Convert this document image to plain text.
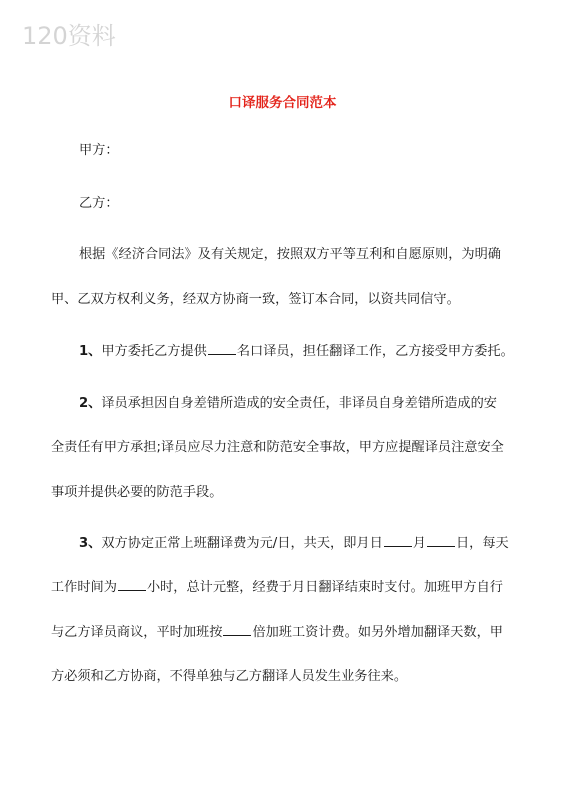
120资料
口译服务合同范本
甲方：
乙方：
根据《经济合同法》及有关规定，按照双方平等互利和自愿原则，为明确
甲、乙双方权利义务，经双方协商一致，签订本合同，以资共同信守。
1、甲方委托乙方提供 名口译员，担任翻译工作，乙方接受甲方委托。
2、译员承担因自身差错所造成的安全责任，非译员自身差错所造成的安
全责任有甲方承担;译员应尽力注意和防范安全事故，甲方应提醒译员注意安全
事项并提供必要的防范手段。
3、双方协定正常上班翻译费为元/日，共天，即月日 月 日，每天
工作时间为 小时，总计元整，经费于月日翻译结束时支付。加班甲方自行
与乙方译员商议，平时加班按 倍加班工资计费。如另外增加翻译天数，甲
方必须和乙方协商，不得单独与乙方翻译人员发生业务往来。
